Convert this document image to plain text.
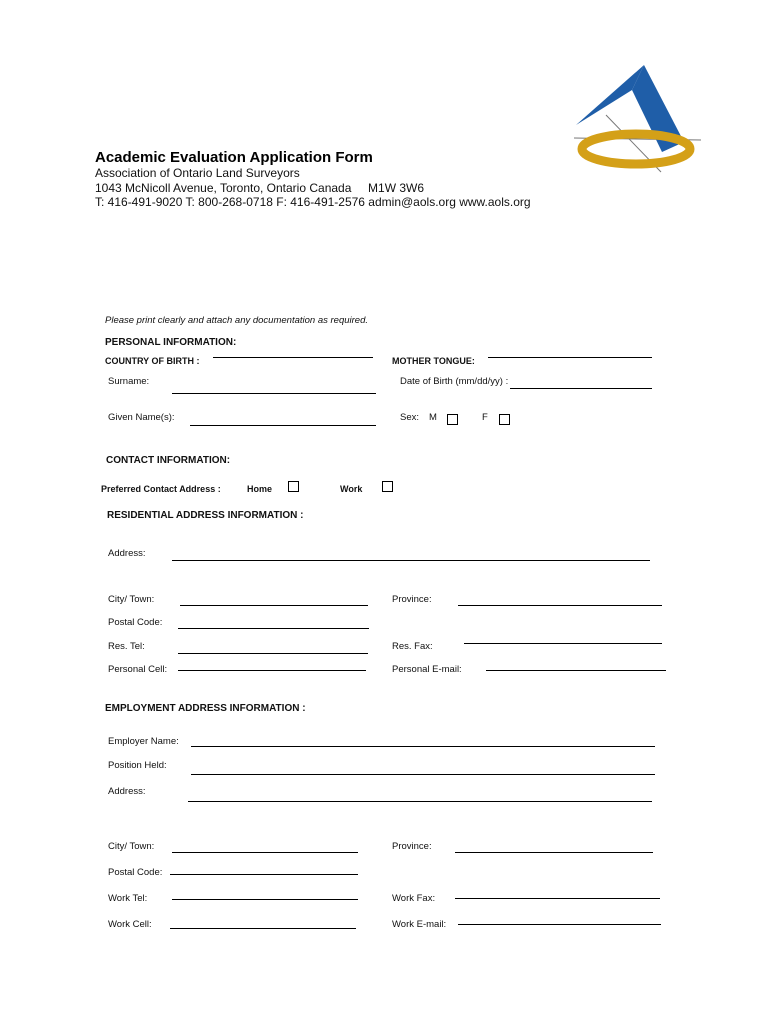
Academic Evaluation Application Form
Association of Ontario Land Surveyors
1043 McNicoll Avenue, Toronto, Ontario Canada     M1W 3W6
T: 416-491-9020 T: 800-268-0718 F: 416-491-2576 admin@aols.org www.aols.org
Please print clearly and attach any documentation as required.
PERSONAL INFORMATION:
COUNTRY OF BIRTH :	MOTHER TONGUE:
Surname:	Date of Birth (mm/dd/yy) :
Given Name(s):	Sex: M	F
CONTACT INFORMATION:
Preferred Contact Address :	Home	Work
RESIDENTIAL ADDRESS INFORMATION :
Address:
City/ Town:	Province:
Postal Code:
Res. Tel:	Res. Fax:
Personal Cell:	Personal E-mail:
EMPLOYMENT ADDRESS INFORMATION :
Employer Name:
Position Held:
Address:
City/ Town:	Province:
Postal Code:
Work Tel:	Work Fax:
Work Cell:	Work E-mail:
